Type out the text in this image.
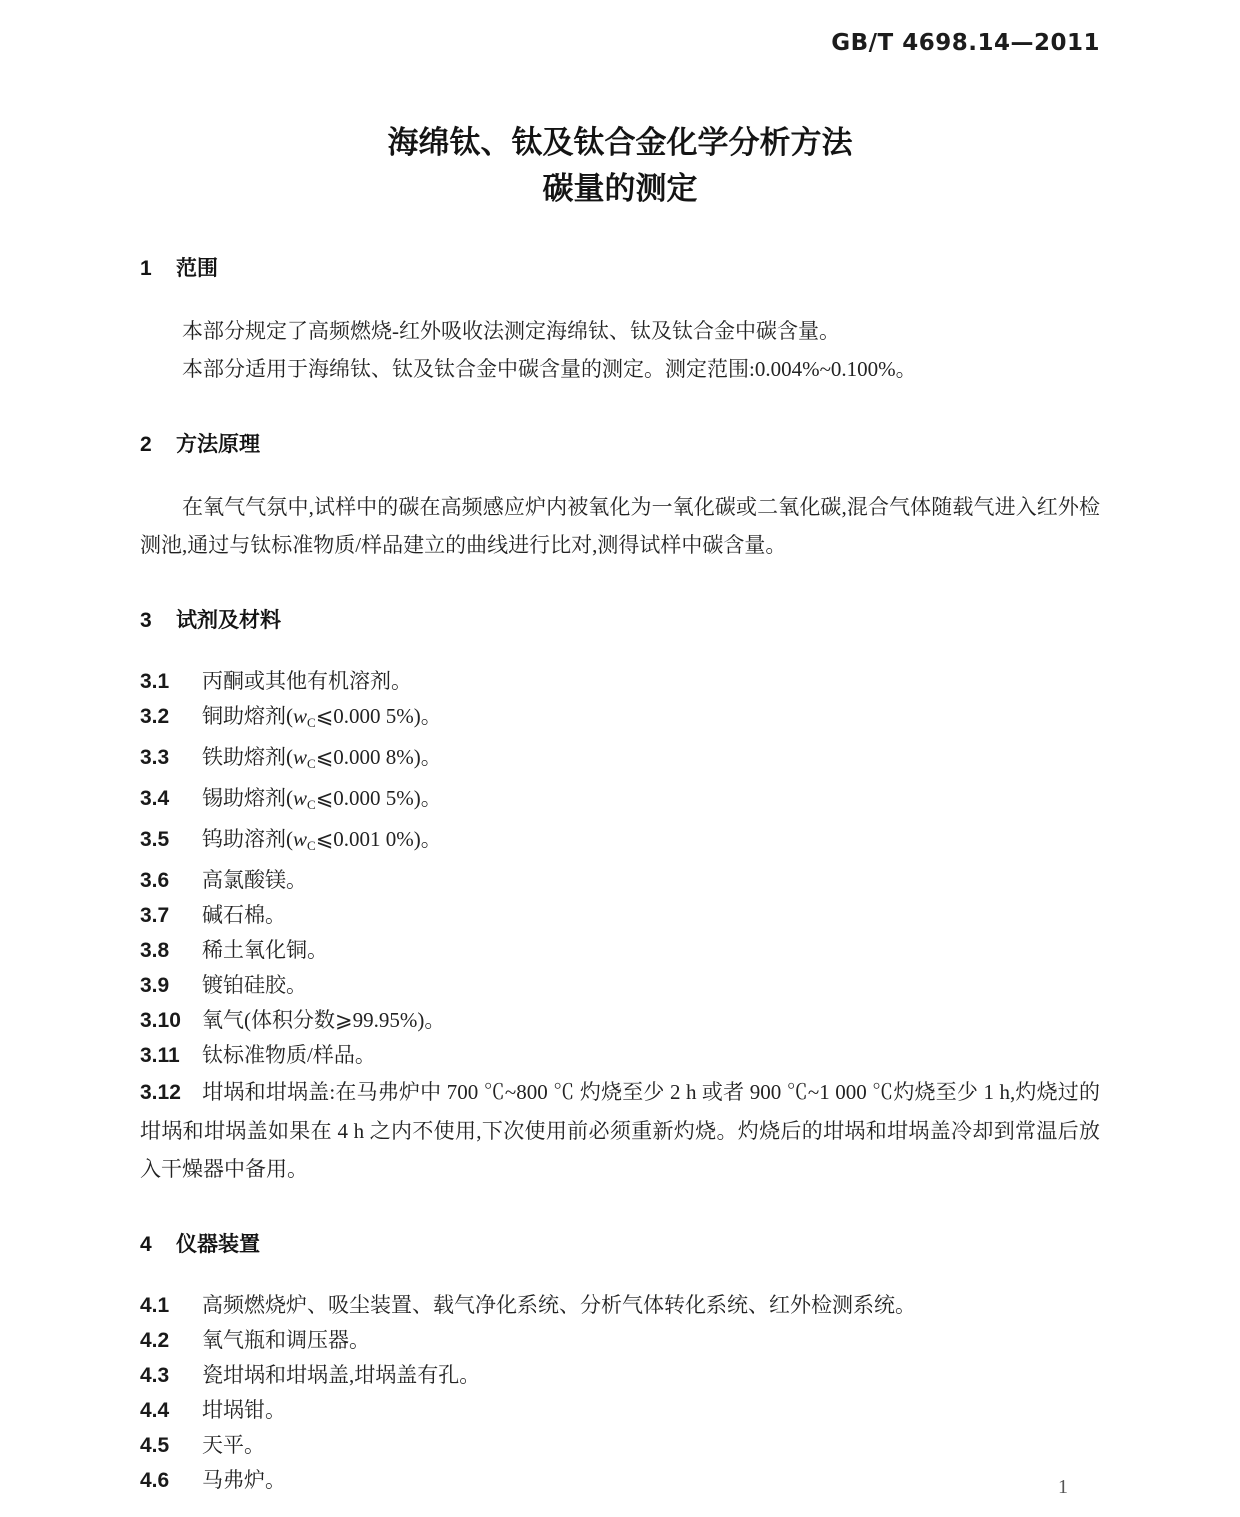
GB/T 4698.14—2011
海绵钛、钛及钛合金化学分析方法
碳量的测定
1 范围

本部分规定了高频燃烧-红外吸收法测定海绵钛、钛及钛合金中碳含量。

本部分适用于海绵钛、钛及钛合金中碳含量的测定。测定范围:0.004%~0.100%。

2 方法原理

在氧气气氛中,试样中的碳在高频感应炉内被氧化为一氧化碳或二氧化碳,混合气体随载气进入红外检测池,通过与钛标准物质/样品建立的曲线进行比对,测得试样中碳含量。

3 试剂及材料
3.1 丙酮或其他有机溶剂。
3.2 铜助熔剂($w_C⩽0.000$ 5%)。
3.3 铁助熔剂($w_C⩽0.000$ 8%)。
3.4 锡助熔剂($w_C⩽0.000$ 5%)。
3.5 钨助溶剂($w_C⩽0.001$ 0%)。
3.6 高氯酸镁。
3.7 碱石棉。
3.8 稀土氧化铜。
3.9 镀铂硅胶。
3.10 氧气(体积分数⩾99.95%)。
3.11 钛标准物质/样品。
3.12 坩埚和坩埚盖:在马弗炉中 700 ℃~800 ℃ 灼烧至少 2 h 或者 900 ℃~1 000 ℃灼烧至少 1 h,灼烧过的坩埚和坩埚盖如果在 4 h 之内不使用,下次使用前必须重新灼烧。灼烧后的坩埚和坩埚盖冷却到常温后放入干燥器中备用。
4 仪器装置
4.1 高频燃烧炉、吸尘装置、载气净化系统、分析气体转化系统、红外检测系统。
4.2 氧气瓶和调压器。
4.3 瓷坩埚和坩埚盖,坩埚盖有孔。
4.4 坩埚钳。
4.5 天平。
4.6 马弗炉。	1
